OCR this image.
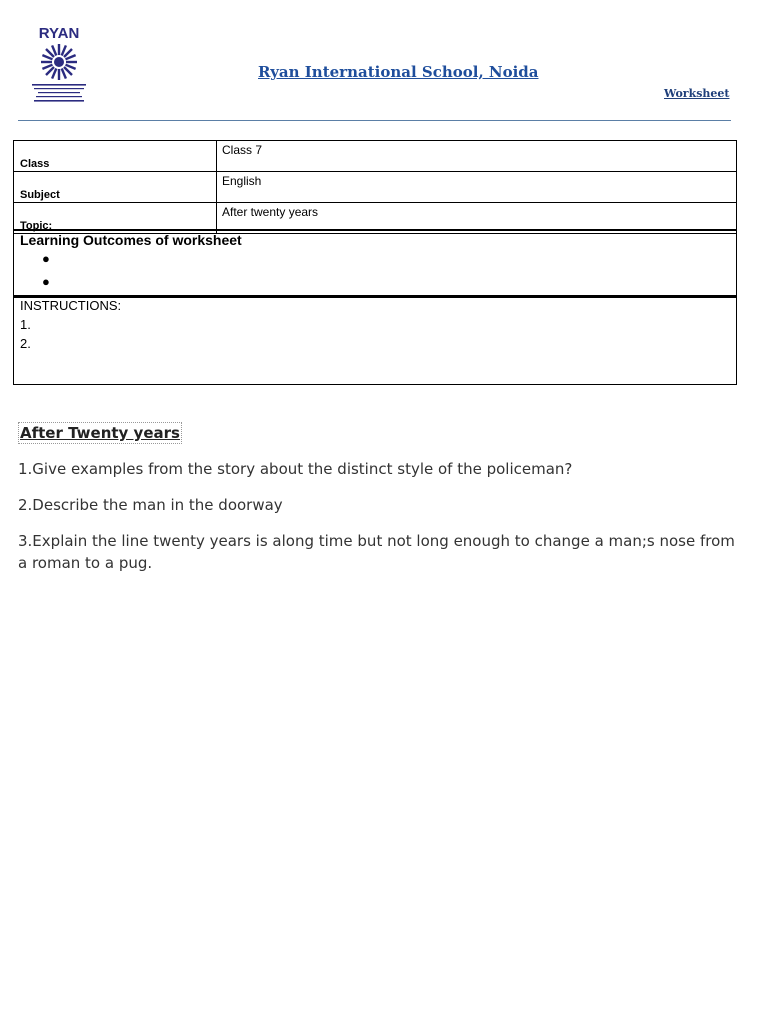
RYAN
Ryan International School, Noida
Worksheet
Class	Class 7
Subject	English
Topic:	After twenty years
Learning Outcomes of worksheet
●
●
INSTRUCTIONS:
1.
2.
After Twenty years
1.Give examples from the story about the distinct style of the policeman?
2.Describe the man in the doorway
3.Explain the line twenty years is along time but not long enough to change a man;s nose from a roman to a pug.
